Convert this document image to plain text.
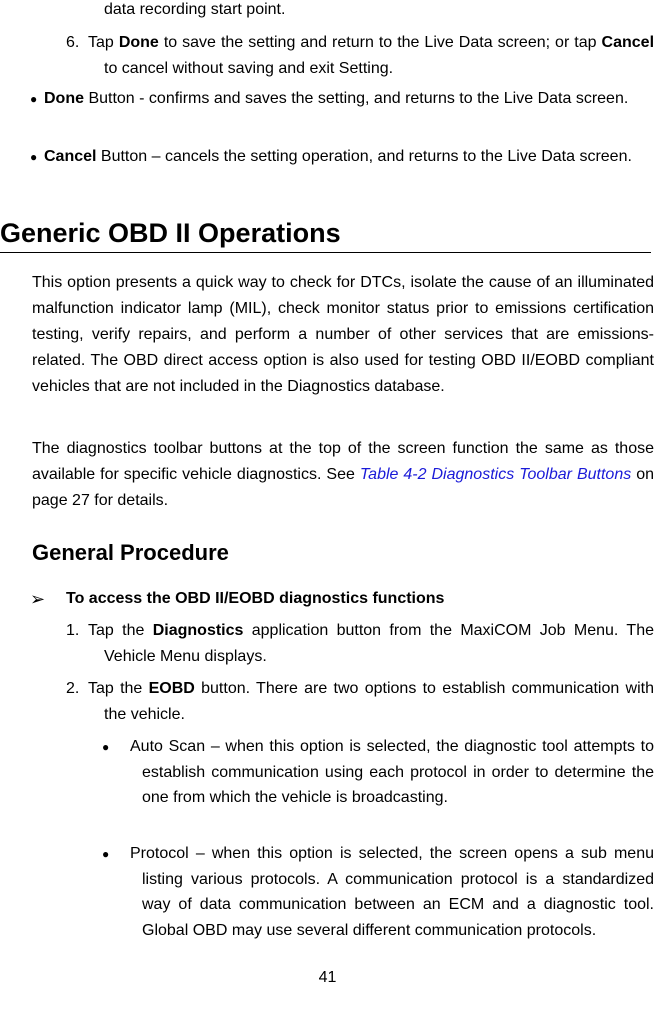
data recording start point.
6. Tap Done to save the setting and return to the Live Data screen; or tap Cancel to cancel without saving and exit Setting.
● Done Button - confirms and saves the setting, and returns to the Live Data screen.
● Cancel Button – cancels the setting operation, and returns to the Live Data screen.
Generic OBD II Operations
This option presents a quick way to check for DTCs, isolate the cause of an illuminated malfunction indicator lamp (MIL), check monitor status prior to emissions certification testing, verify repairs, and perform a number of other services that are emissions-related. The OBD direct access option is also used for testing OBD II/EOBD compliant vehicles that are not included in the Diagnostics database.
The diagnostics toolbar buttons at the top of the screen function the same as those available for specific vehicle diagnostics. See Table 4-2 Diagnostics Toolbar Buttons on page 27 for details.
General Procedure
➢ To access the OBD II/EOBD diagnostics functions
1. Tap the Diagnostics application button from the MaxiCOM Job Menu. The Vehicle Menu displays.
2. Tap the EOBD button. There are two options to establish communication with the vehicle.
● Auto Scan – when this option is selected, the diagnostic tool attempts to establish communication using each protocol in order to determine the one from which the vehicle is broadcasting.
● Protocol – when this option is selected, the screen opens a sub menu listing various protocols. A communication protocol is a standardized way of data communication between an ECM and a diagnostic tool. Global OBD may use several different communication protocols.
41
